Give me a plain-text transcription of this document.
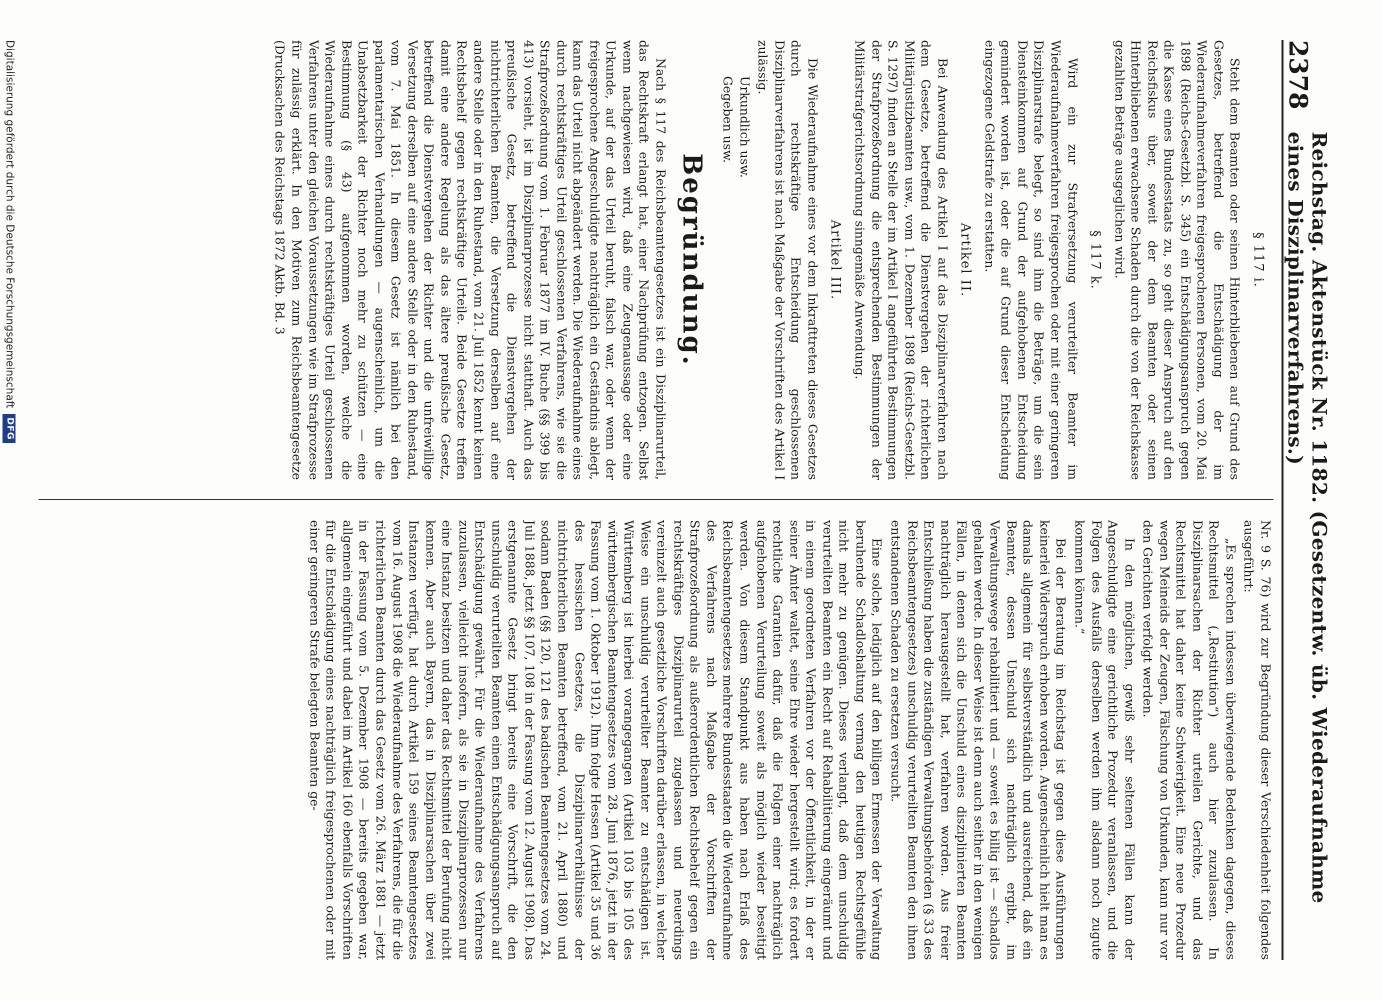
2378
Reichstag. Aktenstück Nr. 1182. (Gesetzentw. üb. Wiederaufnahme eines Disziplinarverfahrens.)
§ 117 i.

Steht dem Beamten oder seinen Hinterbliebenen auf Grund des Gesetzes, betreffend die Entschädigung der im Wiederaufnahmeverfahren freigesprochenen Personen, vom 20. Mai 1898 (Reichs-Gesetzbl. S. 345) ein Entschädigungsanspruch gegen die Kasse eines Bundesstaats zu, so geht dieser Anspruch auf den Reichsfiskus über, soweit der dem Beamten oder seinen Hinterbliebenen erwachsene Schaden durch die von der Reichskasse gezahlten Beträge ausgeglichen wird.

§ 117 k.

Wird ein zur Strafversetzung verurteilter Beamter im Wiederaufnahmeverfahren freigesprochen oder mit einer geringeren Disziplinarstrafe belegt, so sind ihm die Beträge, um die sein Diensteinkommen auf Grund der aufgehobenen Entscheidung gemindert worden ist, oder die auf Grund dieser Entscheidung eingezogene Geldstrafe zu erstatten.

Artikel II.

Bei Anwendung des Artikel I auf das Disziplinarverfahren nach dem Gesetze, betreffend die Dienstvergehen der richterlichen Militärjustizbeamten usw., vom 1. Dezember 1898 (Reichs-Gesetzbl. S. 1297) finden an Stelle der im Artikel I angeführten Bestimmungen der Strafprozeßordnung die entsprechenden Bestimmungen der Militärstrafgerichtsordnung sinngemäße Anwendung.

Artikel III.

Die Wiederaufnahme eines vor dem Inkrafttreten dieses Gesetzes durch rechtskräftige Entscheidung geschlossenen Disziplinarverfahrens ist nach Maßgabe der Vorschriften des Artikel I zulässig.

Urkundlich usw.

Gegeben usw.

Begründung.

Nach § 117 des Reichsbeamtengesetzes ist ein Disziplinarurteil, das Rechtskraft erlangt hat, einer Nachprüfung entzogen. Selbst wenn nachgewiesen wird, daß eine Zeugenaussage oder eine Urkunde, auf der das Urteil beruht, falsch war, oder wenn der freigesprochene Angeschuldigte nachträglich ein Geständnis ablegt, kann das Urteil nicht abgeändert werden. Die Wiederaufnahme eines durch rechtskräftiges Urteil geschlossenen Verfahrens, wie sie die Strafprozeßordnung vom 1. Februar 1877 im IV. Buche (§§ 399 bis 413) vorsieht, ist im Disziplinarprozesse nicht statthaft. Auch das preußische Gesetz, betreffend die Dienstvergehen der nichtrichterlichen Beamten, die Versetzung derselben auf eine andere Stelle oder in den Ruhestand, vom 21. Juli 1852 kennt keinen Rechtsbehelf gegen rechtskräftige Urteile. Beide Gesetze treffen damit eine andere Regelung als das ältere preußische Gesetz, betreffend die Dienstvergehen der Richter und die unfreiwillige Versetzung derselben auf eine andere Stelle oder in den Ruhestand, vom 7. Mai 1851. In diesem Gesetz ist nämlich bei den parlamentarischen Verhandlungen — augenscheinlich, um die Unabsetzbarkeit der Richter noch mehr zu schützen — eine Bestimmung (§ 43) aufgenommen worden, welche die Wiederaufnahme eines durch rechtskräftiges Urteil geschlossenen Verfahrens unter den gleichen Voraussetzungen wie im Strafprozesse für zulässig erklärt. In den Motiven zum Reichsbeamtengesetze (Drucksachen des Reichstags 1872 Aktb. Bd. 3

Nr. 9 S. 76) wird zur Begründung dieser Verschiedenheit folgendes ausgeführt:

„Es sprechen indessen überwiegende Bedenken dagegen, dieses Rechtsmittel („Restitution“) auch hier zuzulassen. In Disziplinarsachen der Richter urteilen Gerichte, und das Rechtsmittel hat daher keine Schwierigkeit. Eine neue Prozedur wegen Meineids der Zeugen, Fälschung von Urkunden, kann nur vor den Gerichten verfolgt werden.

In den möglichen, gewiß sehr seltenen Fällen kann der Angeschuldigte eine gerichtliche Prozedur veranlassen, und die Folgen des Ausfalls derselben werden ihm alsdann noch zugute kommen können.“

Bei der Beratung im Reichstag ist gegen diese Ausführungen keinerlei Widerspruch erhoben worden. Augenscheinlich hielt man es damals allgemein für selbstverständlich und ausreichend, daß ein Beamter, dessen Unschuld sich nachträglich ergibt, im Verwaltungswege rehabilitiert und — soweit es billig ist — schadlos gehalten werde. In dieser Weise ist denn auch seither in den wenigen Fällen, in denen sich die Unschuld eines disziplinierten Beamten nachträglich herausgestellt hat, verfahren worden. Aus freier Entschließung haben die zuständigen Verwaltungsbehörden (§ 33 des Reichsbeamtengesetzes) unschuldig verurteilten Beamten den ihnen entstandenen Schaden zu ersetzen versucht.

Eine solche, lediglich auf den billigen Ermessen der Verwaltung beruhende Schadloshaltung vermag den heutigen Rechtsgefühle nicht mehr zu genügen. Dieses verlangt, daß dem unschuldig verurteilten Beamten ein Recht auf Rehabilitierung eingeräumt und in einem geordneten Verfahren vor der Öffentlichkeit, in der er seiner Ämter waltet, seine Ehre wieder hergestellt wird; es fordert rechtliche Garantien dafür, daß die Folgen einer nachträglich aufgehobenen Verurteilung soweit als möglich wieder beseitigt werden. Von diesem Standpunkt aus haben nach Erlaß des Reichsbeamtengesetzes mehrere Bundesstaaten die Wiederaufnahme des Verfahrens nach Maßgabe der Vorschriften der Strafprozeßordnung als außerordentlichen Rechtsbehelf gegen ein rechtskräftiges Disziplinarurteil zugelassen und neuerdings vereinzelt auch gesetzliche Vorschriften darüber erlassen, in welcher Weise ein unschuldig verurteilter Beamter zu entschädigen ist. Württemberg ist hierbei vorangegangen (Artikel 103 bis 105 des württembergischen Beamtengesetzes vom 28. Juni 1876, jetzt in der Fassung vom 1. Oktober 1912). Ihm folgte Hessen (Artikel 35 und 36 des hessischen Gesetzes, die Disziplinarverhältnisse der nichtrichterlichen Beamten betreffend, vom 21. April 1880) und sodann Baden (§§ 120, 121 des badischen Beamtengesetzes vom 24. Juli 1888, jetzt §§ 107, 108 in der Fassung vom 12. August 1908). Das erstgenannte Gesetz bringt bereits eine Vorschrift, die den unschuldig verurteilten Beamten einen Entschädigungsanspruch auf Entschädigung gewährt. Für die Wiederaufnahme des Verfahrens zuzulassen, vielleicht insofern, als sie in Disziplinarprozessen nur eine Instanz besitzen und daher das Rechtsmittel der Berufung nicht kennen. Aber auch Bayern, das in Disziplinarsachen über zwei Instanzen verfügt, hat durch Artikel 159 seines Beamtengesetzes vom 16. August 1908 die Wiederaufnahme des Verfahrens, die für die richterlichen Beamten durch das Gesetz vom 26. März 1881 — jetzt in der Fassung vom 5. Dezember 1908 — bereits gegeben war, allgemein eingeführt und dabei im Artikel 160 ebenfalls Vorschriften für die Entschädigung eines nachträglich freigesprochenen oder mit einer geringeren Strafe belegten Beamten ge-

Digitalisierung gefördert durch die Deutsche Forschungsgemeinschaft
DFG
